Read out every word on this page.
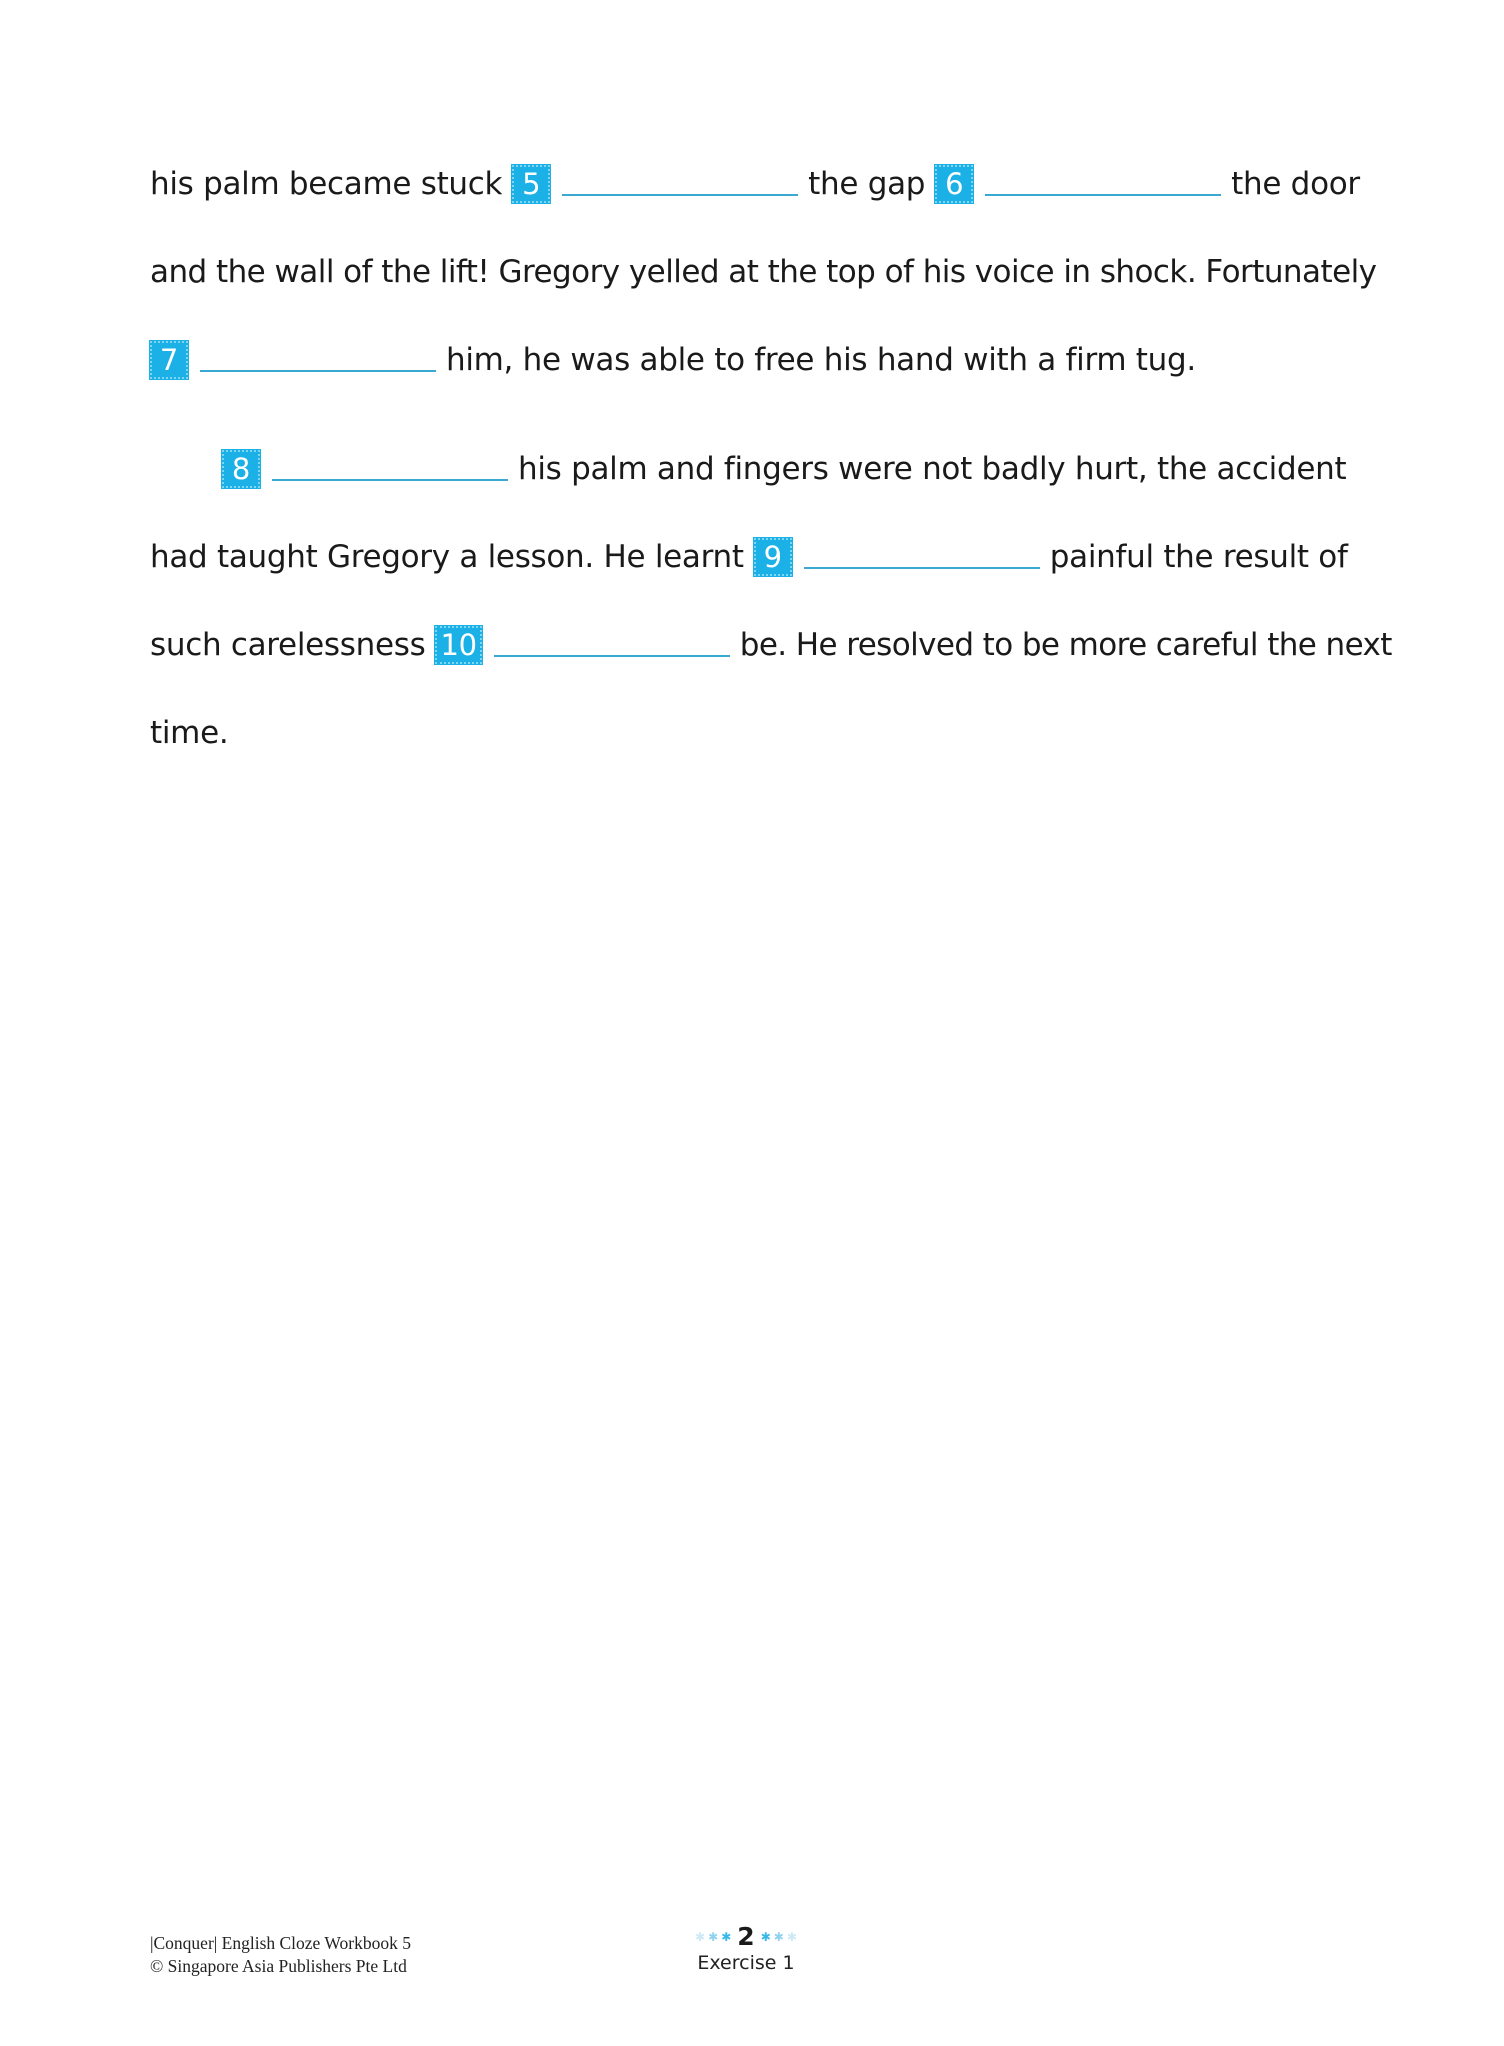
his palm became stuck 5	the gap 6	the door
and the wall of the lift! Gregory yelled at the top of his voice in shock. Fortunately
7	him, he was able to free his hand with a firm tug.
8	his palm and fingers were not badly hurt, the accident
had taught Gregory a lesson. He learnt 9	painful the result of
such carelessness 10	be. He resolved to be more careful the next
time.
|Conquer| English Cloze Workbook 5
© Singapore Asia Publishers Pte Ltd
✱ ✱ ✱ 2 ✱ ✱ ✱
Exercise 1
